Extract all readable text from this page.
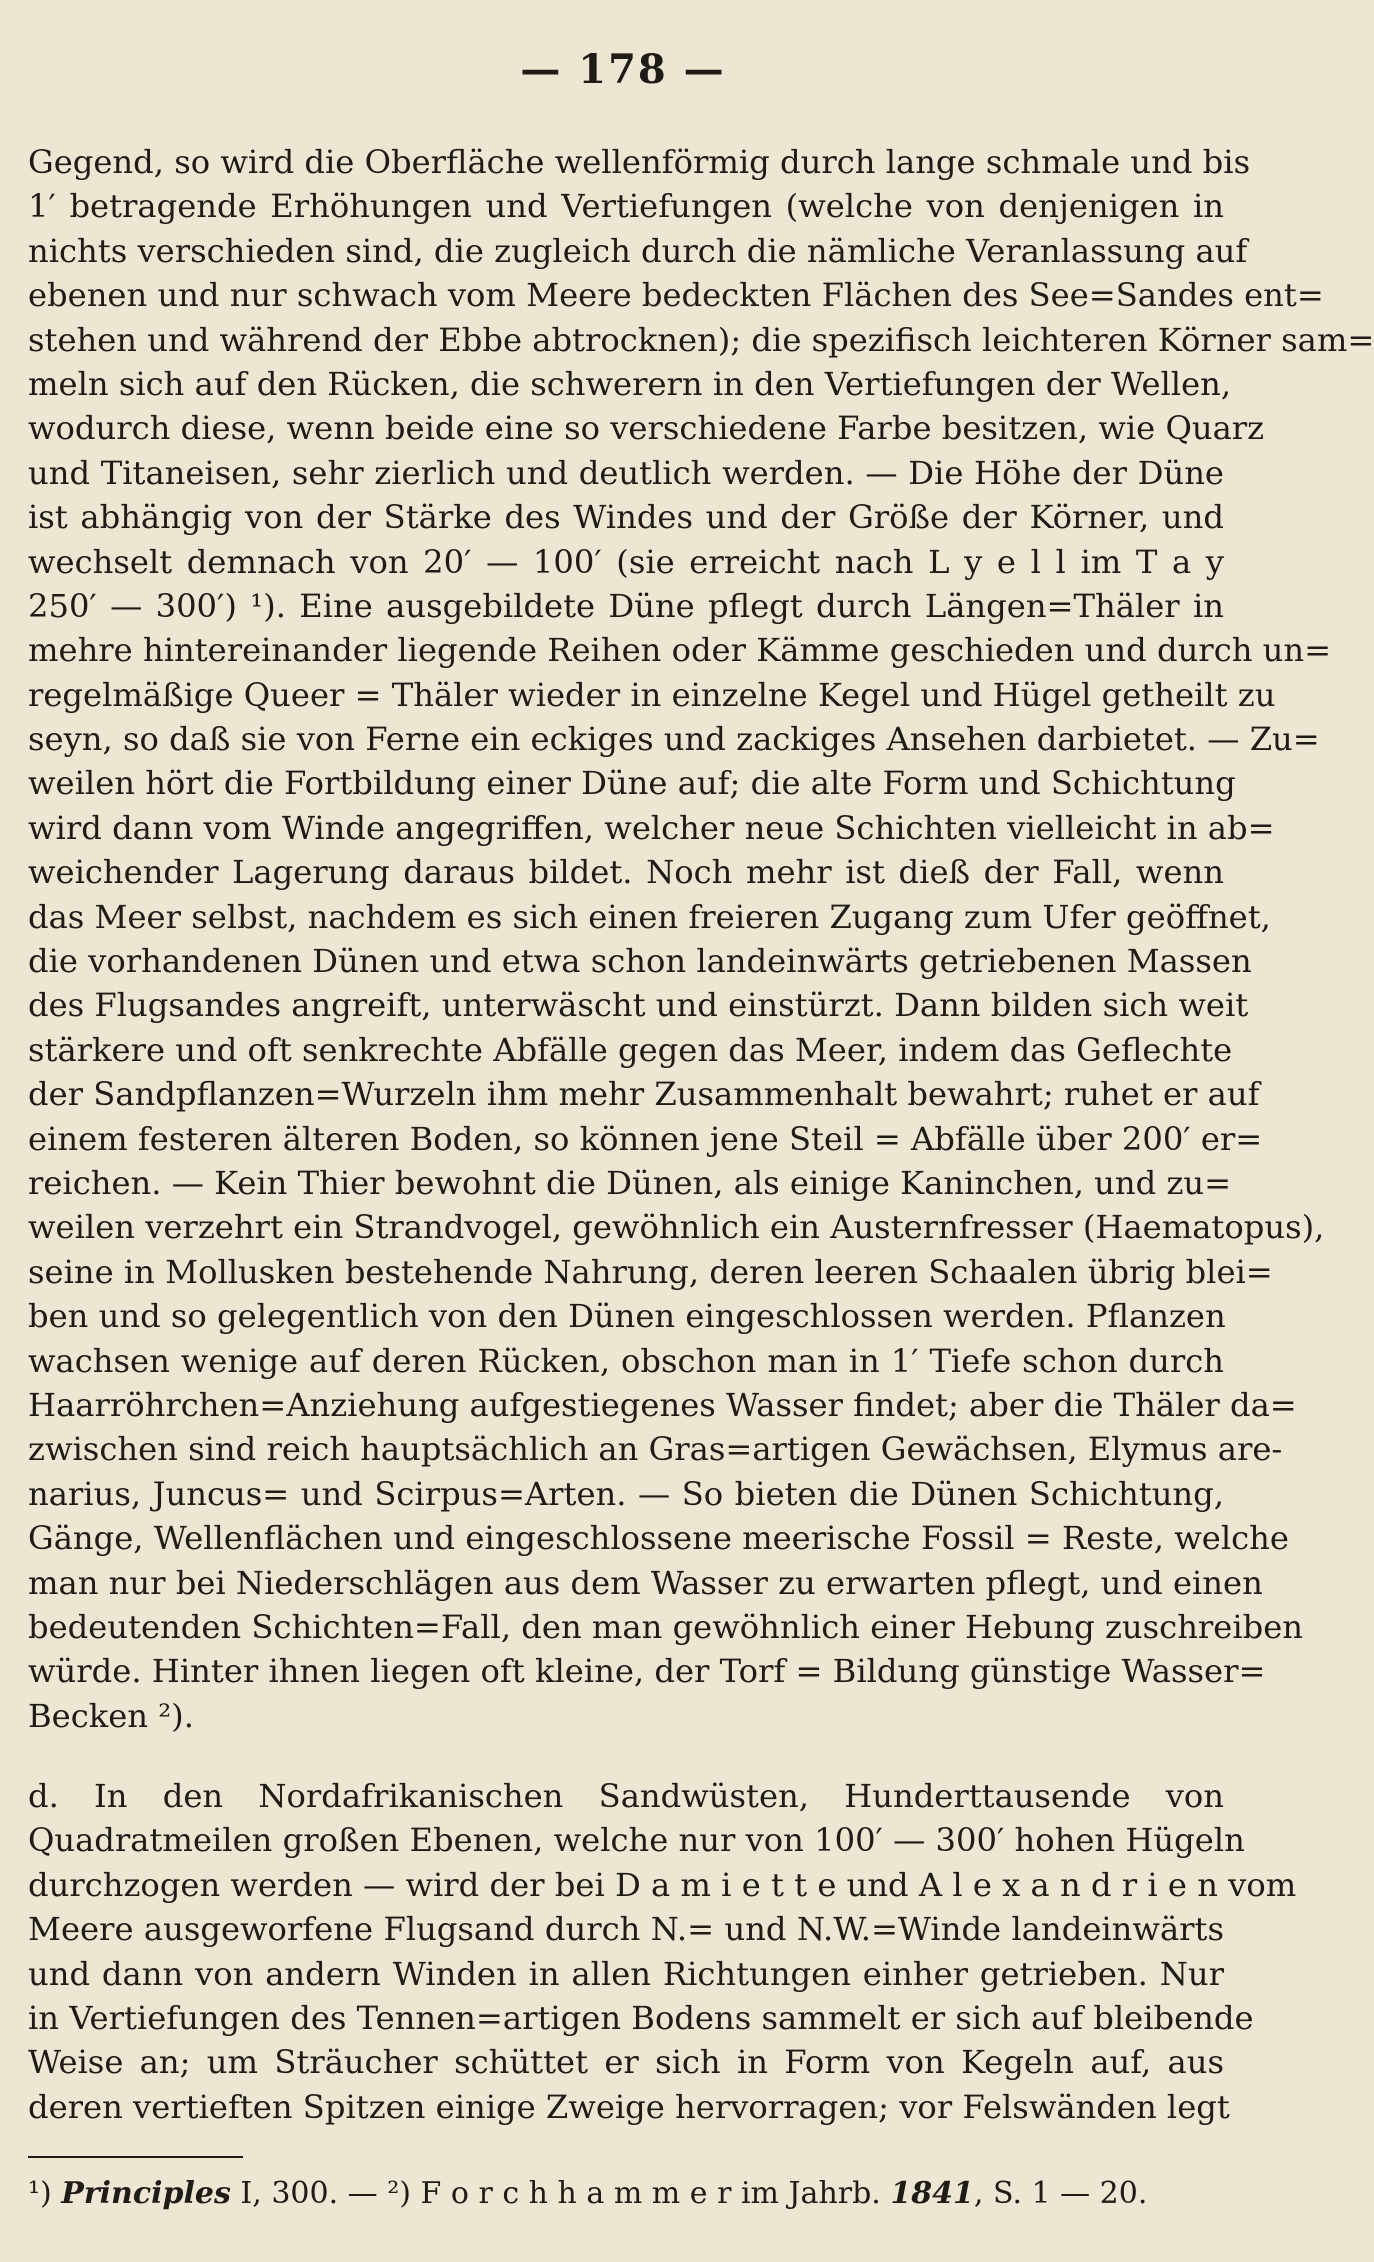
— 178 —
Gegend, so wird die Oberfläche wellenförmig durch lange schmale und bis
1′ betragende Erhöhungen und Vertiefungen (welche von denjenigen in
nichts verschieden sind, die zugleich durch die nämliche Veranlassung auf
ebenen und nur schwach vom Meere bedeckten Flächen des See=Sandes ent=
stehen und während der Ebbe abtrocknen); die spezifisch leichteren Körner sam=
meln sich auf den Rücken, die schwerern in den Vertiefungen der Wellen,
wodurch diese, wenn beide eine so verschiedene Farbe besitzen, wie Quarz
und Titaneisen, sehr zierlich und deutlich werden. — Die Höhe der Düne
ist abhängig von der Stärke des Windes und der Größe der Körner, und
wechselt demnach von 20′ — 100′ (sie erreicht nach L y e l l im T a y
250′ — 300′) ¹). Eine ausgebildete Düne pflegt durch Längen=Thäler in
mehre hintereinander liegende Reihen oder Kämme geschieden und durch un=
regelmäßige Queer = Thäler wieder in einzelne Kegel und Hügel getheilt zu
seyn, so daß sie von Ferne ein eckiges und zackiges Ansehen darbietet. — Zu=
weilen hört die Fortbildung einer Düne auf; die alte Form und Schichtung
wird dann vom Winde angegriffen, welcher neue Schichten vielleicht in ab=
weichender Lagerung daraus bildet. Noch mehr ist dieß der Fall, wenn
das Meer selbst, nachdem es sich einen freieren Zugang zum Ufer geöffnet,
die vorhandenen Dünen und etwa schon landeinwärts getriebenen Massen
des Flugsandes angreift, unterwäscht und einstürzt. Dann bilden sich weit
stärkere und oft senkrechte Abfälle gegen das Meer, indem das Geflechte
der Sandpflanzen=Wurzeln ihm mehr Zusammenhalt bewahrt; ruhet er auf
einem festeren älteren Boden, so können jene Steil = Abfälle über 200′ er=
reichen. — Kein Thier bewohnt die Dünen, als einige Kaninchen, und zu=
weilen verzehrt ein Strandvogel, gewöhnlich ein Austernfresser (Haematopus),
seine in Mollusken bestehende Nahrung, deren leeren Schaalen übrig blei=
ben und so gelegentlich von den Dünen eingeschlossen werden. Pflanzen
wachsen wenige auf deren Rücken, obschon man in 1′ Tiefe schon durch
Haarröhrchen=Anziehung aufgestiegenes Wasser findet; aber die Thäler da=
zwischen sind reich hauptsächlich an Gras=artigen Gewächsen, Elymus are-
narius, Juncus= und Scirpus=Arten. — So bieten die Dünen Schichtung,
Gänge, Wellenflächen und eingeschlossene meerische Fossil = Reste, welche
man nur bei Niederschlägen aus dem Wasser zu erwarten pflegt, und einen
bedeutenden Schichten=Fall, den man gewöhnlich einer Hebung zuschreiben
würde. Hinter ihnen liegen oft kleine, der Torf = Bildung günstige Wasser=
Becken ²).
d. In den Nordafrikanischen Sandwüsten, Hunderttausende von
Quadratmeilen großen Ebenen, welche nur von 100′ — 300′ hohen Hügeln
durchzogen werden — wird der bei D a m i e t t e und A l e x a n d r i e n vom
Meere ausgeworfene Flugsand durch N.= und N.W.=Winde landeinwärts
und dann von andern Winden in allen Richtungen einher getrieben. Nur
in Vertiefungen des Tennen=artigen Bodens sammelt er sich auf bleibende
Weise an; um Sträucher schüttet er sich in Form von Kegeln auf, aus
deren vertieften Spitzen einige Zweige hervorragen; vor Felswänden legt
¹) Principles I, 300. — ²) F o r c h h a m m e r im Jahrb. 1841, S. 1 — 20.
